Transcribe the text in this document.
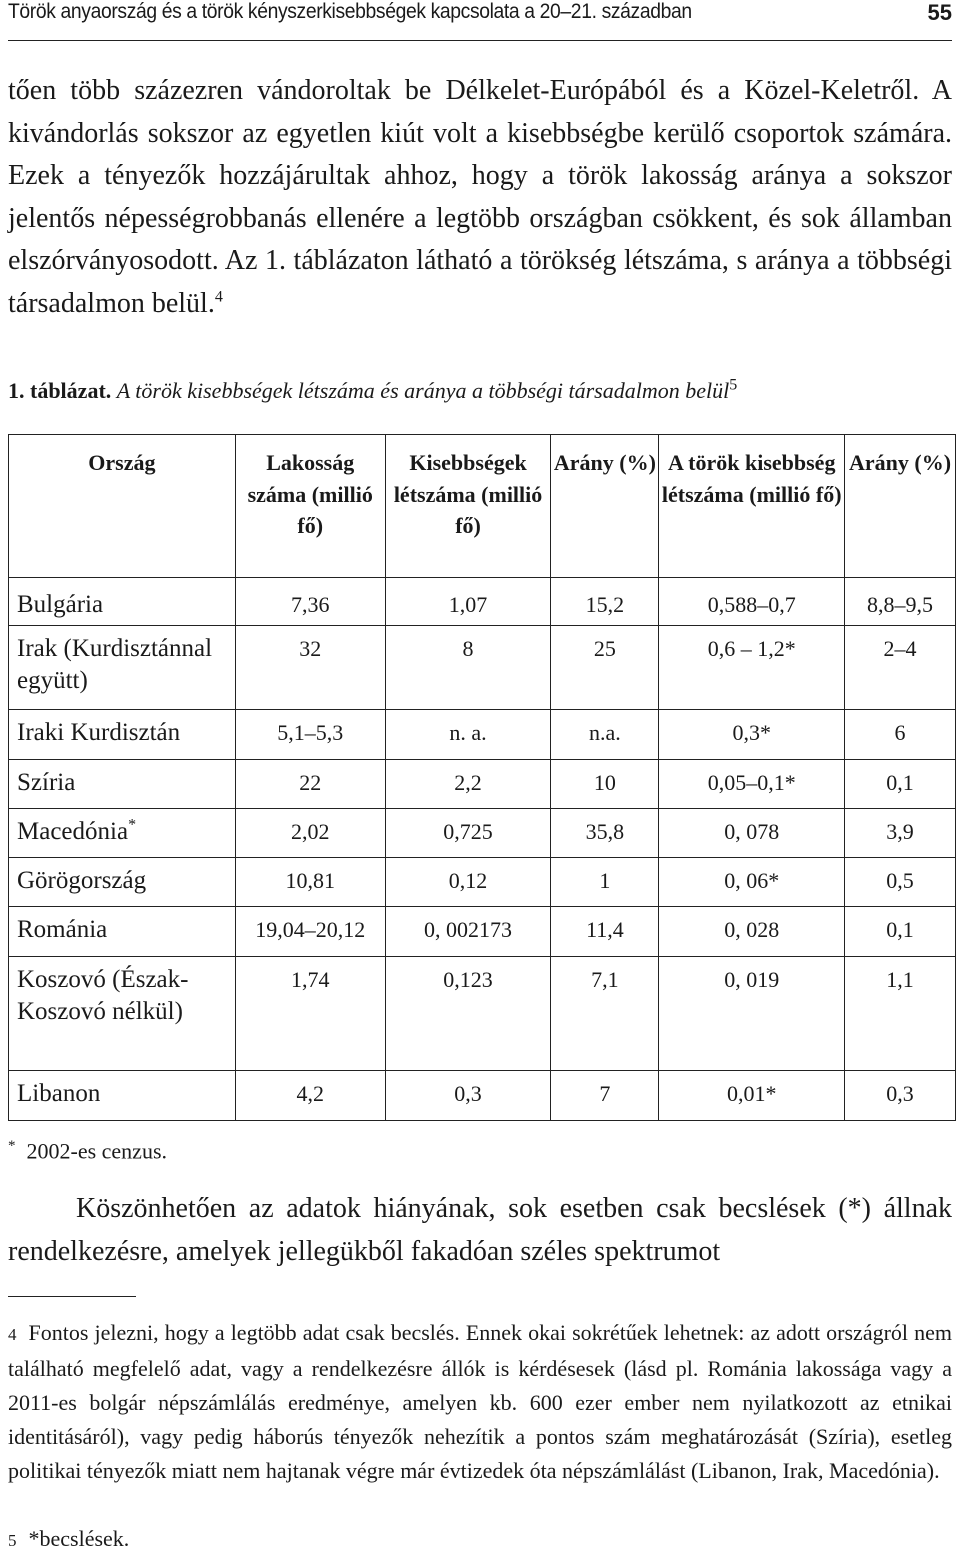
Török anyaország és a török kényszerkisebbségek kapcsolata a 20–21. században	55
tően több százezren vándoroltak be Délkelet-Európából és a Közel-Keletről. A kivándorlás sokszor az egyetlen kiút volt a kisebbségbe kerülő csoportok számára. Ezek a tényezők hozzájárultak ahhoz, hogy a török lakosság aránya a sokszor jelentős népességrobbanás ellenére a legtöbb országban csökkent, és sok államban elszórványosodott. Az 1. táblázaton látható a törökség létszáma, s aránya a többségi társadalmon belül.$^4$
1. táblázat. A török kisebbségek létszáma és aránya a többségi társadalmon belül$^5$
Ország	Lakosság száma (millió fő)	Kisebbségek létszáma (millió fő)	Arány (%)	A török kisebbség létszáma (millió fő)	Arány (%)
Bulgária	7,36	1,07	15,2	0,588–0,7	8,8–9,5
Irak (Kurdisztánnal együtt)	32	8	25	0,6 – 1,2*	2–4
Iraki Kurdisztán	5,1–5,3	n. a.	n.a.	0,3*	6
Szíria	22	2,2	10	0,05–0,1*	0,1
Macedónia*	2,02	0,725	35,8	0, 078	3,9
Görögország	10,81	0,12	1	0, 06*	0,5
Románia	19,04–20,12	0, 002173	11,4	0, 028	0,1
Koszovó (Észak-Koszovó nélkül)	1,74	0,123	7,1	0, 019	1,1
Libanon	4,2	0,3	7	0,01*	0,3
* 2002-es cenzus.
Köszönhetően az adatok hiányának, sok esetben csak becslések (*) állnak rendelkezésre, amelyek jellegükből fakadóan széles spektrumot
4 Fontos jelezni, hogy a legtöbb adat csak becslés. Ennek okai sokrétűek lehetnek: az adott országról nem található megfelelő adat, vagy a rendelkezésre állók is kérdésesek (lásd pl. Románia lakossága vagy a 2011-es bolgár népszámlálás eredménye, amelyen kb. 600 ezer ember nem nyilatkozott az etnikai identitásáról), vagy pedig háborús tényezők nehezítik a pontos szám meghatározását (Szíria), esetleg politikai tényezők miatt nem hajtanak végre már évtizedek óta népszámlálást (Libanon, Irak, Macedónia).
5 *becslések.
